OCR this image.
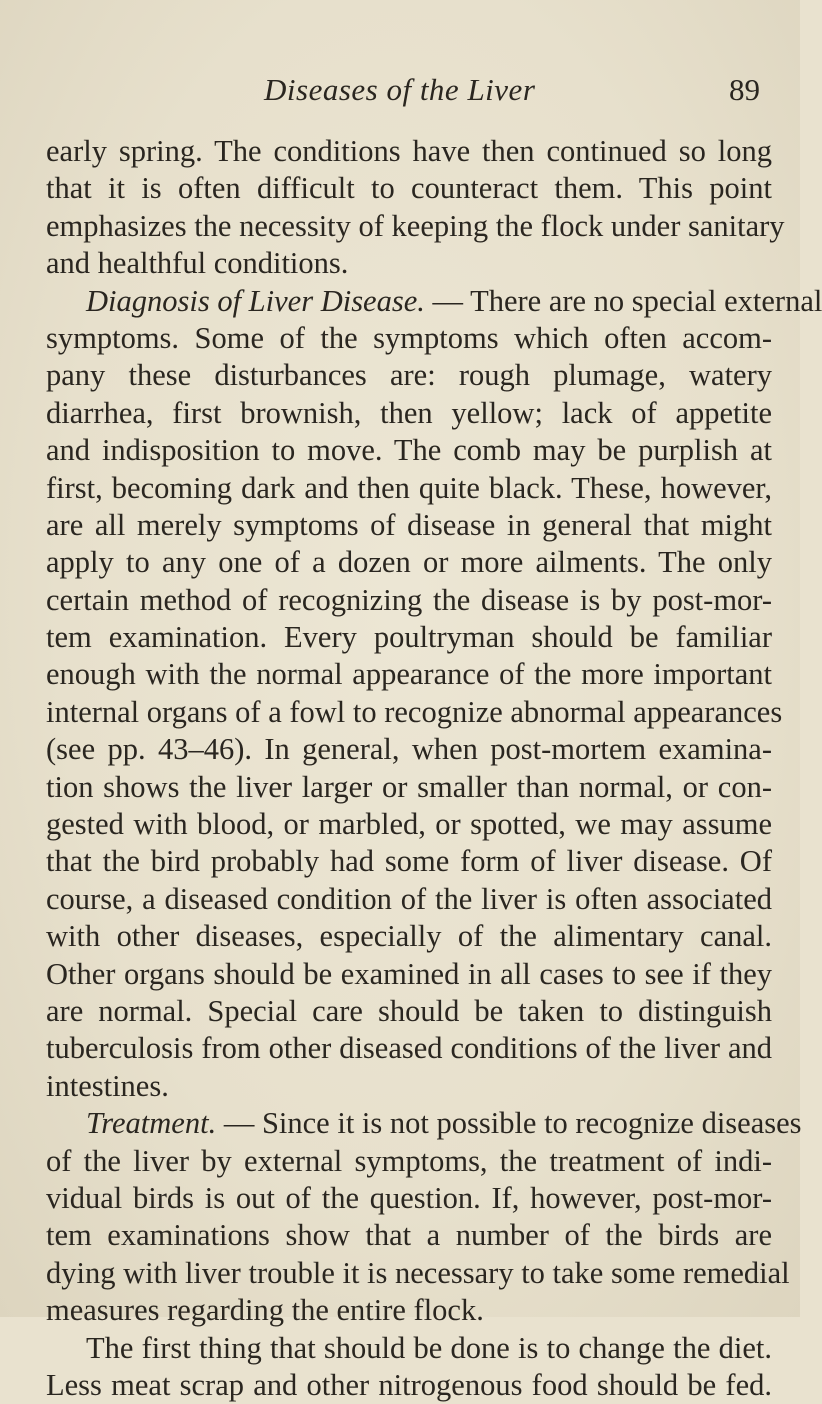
Diseases of the Liver	89
early spring. The conditions have then continued so long
that it is often difficult to counteract them. This point
emphasizes the necessity of keeping the flock under sanitary
and healthful conditions.
Diagnosis of Liver Disease. — There are no special external
symptoms. Some of the symptoms which often accom-
pany these disturbances are: rough plumage, watery
diarrhea, first brownish, then yellow; lack of appetite
and indisposition to move. The comb may be purplish at
first, becoming dark and then quite black. These, however,
are all merely symptoms of disease in general that might
apply to any one of a dozen or more ailments. The only
certain method of recognizing the disease is by post-mor-
tem examination. Every poultryman should be familiar
enough with the normal appearance of the more important
internal organs of a fowl to recognize abnormal appearances
(see pp. 43–46). In general, when post-mortem examina-
tion shows the liver larger or smaller than normal, or con-
gested with blood, or marbled, or spotted, we may assume
that the bird probably had some form of liver disease. Of
course, a diseased condition of the liver is often associated
with other diseases, especially of the alimentary canal.
Other organs should be examined in all cases to see if they
are normal. Special care should be taken to distinguish
tuberculosis from other diseased conditions of the liver and
intestines.
Treatment. — Since it is not possible to recognize diseases
of the liver by external symptoms, the treatment of indi-
vidual birds is out of the question. If, however, post-mor-
tem examinations show that a number of the birds are
dying with liver trouble it is necessary to take some remedial
measures regarding the entire flock.
The first thing that should be done is to change the diet.
Less meat scrap and other nitrogenous food should be fed.
